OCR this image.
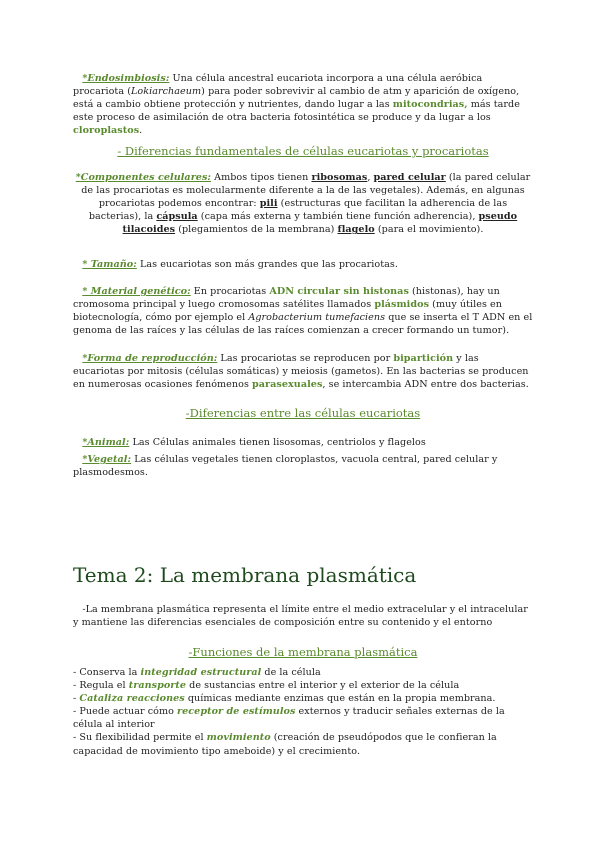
*Endosimbiosis: Una célula ancestral eucariota incorpora a una célula aeróbica procariota (Lokiarchaeum) para poder sobrevivir al cambio de atm y aparición de oxígeno, está a cambio obtiene protección y nutrientes, dando lugar a las mitocondrias, más tarde este proceso de asimilación de otra bacteria fotosintética se produce y da lugar a los cloroplastos.

- Diferencias fundamentales de células eucariotas y procariotas

*Componentes celulares: Ambos tipos tienen ribosomas, pared celular (la pared celular de las procariotas es molecularmente diferente a la de las vegetales). Además, en algunas procariotas podemos encontrar: pili (estructuras que facilitan la adherencia de las bacterias), la cápsula (capa más externa y también tiene función adherencia), pseudo tilacoides (plegamientos de la membrana) flagelo (para el movimiento).

* Tamaño: Las eucariotas son más grandes que las procariotas.

* Material genético: En procariotas ADN circular sin histonas (histonas), hay un cromosoma principal y luego cromosomas satélites llamados plásmidos (muy útiles en biotecnología, cómo por ejemplo el Agrobacterium tumefaciens que se inserta el T ADN en el genoma de las raíces y las células de las raíces comienzan a crecer formando un tumor).

*Forma de reproducción: Las procariotas se reproducen por bipartición y las eucariotas por mitosis (células somáticas) y meiosis (gametos). En las bacterias se producen en numerosas ocasiones fenómenos parasexuales, se intercambia ADN entre dos bacterias.

-Diferencias entre las células eucariotas

*Animal: Las Células animales tienen lisosomas, centriolos y flagelos

*Vegetal: Las células vegetales tienen cloroplastos, vacuola central, pared celular y plasmodesmos.

Tema 2: La membrana plasmática

-La membrana plasmática representa el límite entre el medio extracelular y el intracelular y mantiene las diferencias esenciales de composición entre su contenido y el entorno

-Funciones de la membrana plasmática

- Conserva la integridad estructural de la célula
- Regula el transporte de sustancias entre el interior y el exterior de la célula
- Cataliza reacciones químicas mediante enzimas que están en la propia membrana.
- Puede actuar cómo receptor de estímulos externos y traducir señales externas de la célula al interior
- Su flexibilidad permite el movimiento (creación de pseudópodos que le confieran la capacidad de movimiento tipo ameboide) y el crecimiento.
